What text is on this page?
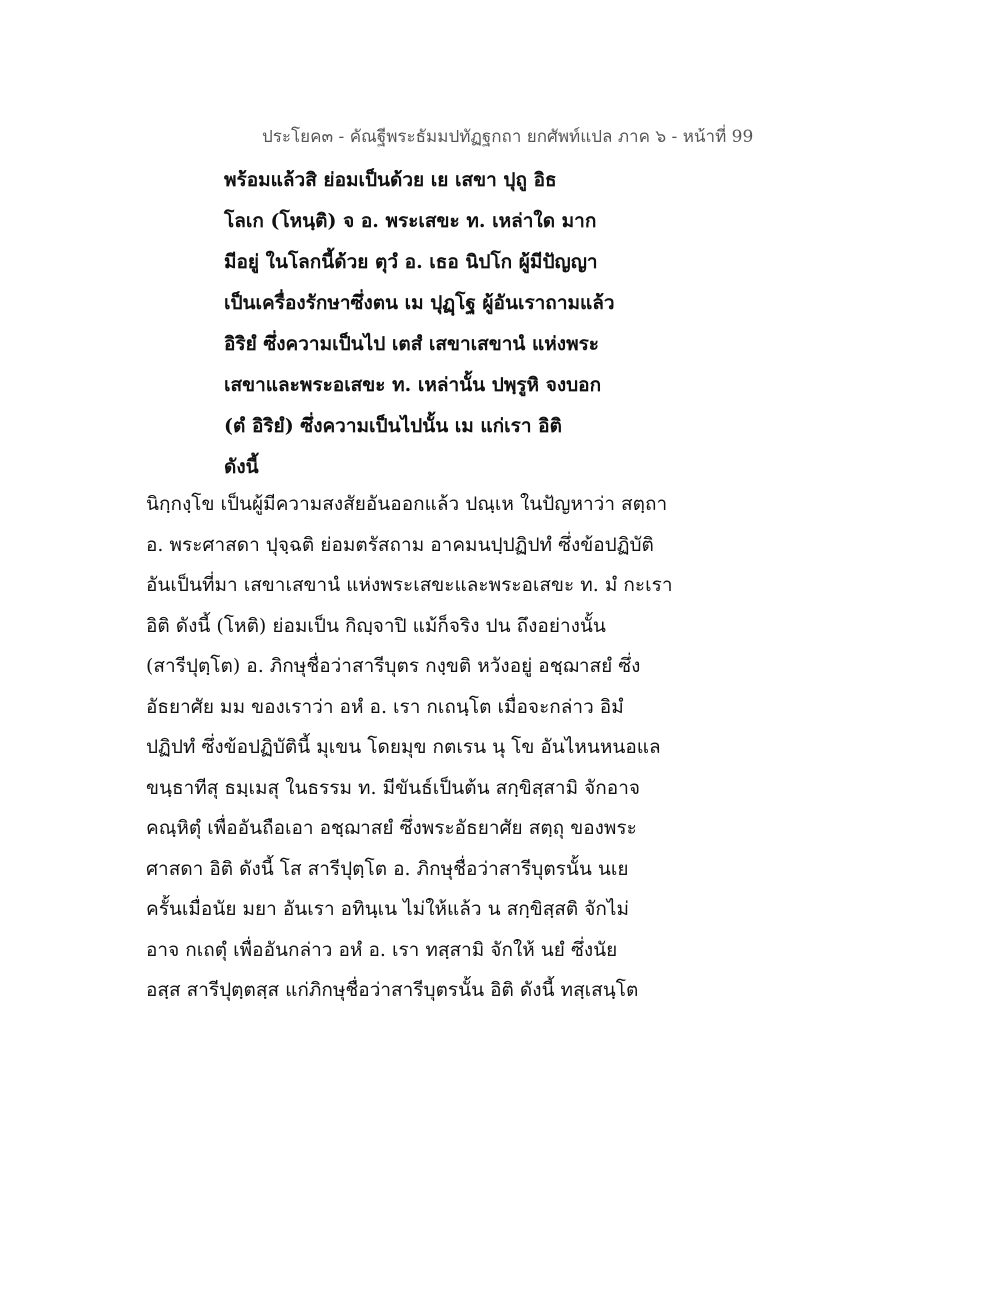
ประโยค๓ - คัณฐีพระธัมมปทัฏฐกถา ยกศัพท์แปล ภาค ๖ - หน้าที่ 99
พร้อมแล้วสิ ย่อมเป็นด้วย เย เสขา ปุถู อิธ
โลเก (โหนฺติ) จ อ. พระเสขะ ท. เหล่าใด มาก
มีอยู่ ในโลกนี้ด้วย ตุวํ อ. เธอ นิปโก ผู้มีปัญญา
เป็นเครื่องรักษาซึ่งตน เม ปุฏฺโฐ ผู้อันเราถามแล้ว
อิริยํ ซึ่งความเป็นไป เตสํ เสขาเสขานํ แห่งพระ
เสขาและพระอเสขะ ท. เหล่านั้น ปพฺรูหิ จงบอก
(ตํ อิริยํ) ซึ่งความเป็นไปนั้น เม แก่เรา อิติ
ดังนี้
นิกฺกงฺโข เป็นผู้มีความสงสัยอันออกแล้ว ปณฺเห ในปัญหาว่า สตฺถา
อ. พระศาสดา ปุจฺฉติ ย่อมตรัสถาม อาคมนปฺปฏิปทํ ซึ่งข้อปฏิบัติ
อันเป็นที่มา เสขาเสขานํ แห่งพระเสขะและพระอเสขะ ท. มํ กะเรา
อิติ ดังนี้ (โหติ) ย่อมเป็น กิญฺจาปิ แม้ก็จริง ปน ถึงอย่างนั้น
(สารีปุตฺโต) อ. ภิกษุชื่อว่าสารีบุตร กงฺขติ หวังอยู่ อชฺฌาสยํ ซึ่ง
อัธยาศัย มม ของเราว่า อหํ อ. เรา กเถนฺโต เมื่อจะกล่าว อิมํ
ปฏิปทํ ซึ่งข้อปฏิบัตินี้ มุเขน โดยมุข กตเรน นุ โข อันไหนหนอแล
ขนฺธาทีสุ ธมฺเมสุ ในธรรม ท. มีขันธ์เป็นต้น สกฺขิสฺสามิ จักอาจ
คณฺหิตุํ เพื่ออันถือเอา อชฺฌาสยํ ซึ่งพระอัธยาศัย สตฺถุ ของพระ
ศาสดา อิติ ดังนี้ โส สารีปุตฺโต อ. ภิกษุชื่อว่าสารีบุตรนั้น นเย
ครั้นเมื่อนัย มยา อันเรา อทินฺเน ไม่ให้แล้ว น สกฺขิสฺสติ จักไม่
อาจ กเถตุํ เพื่ออันกล่าว อหํ อ. เรา ทสฺสามิ จักให้ นยํ ซึ่งนัย
อสฺส สารีปุตฺตสฺส แก่ภิกษุชื่อว่าสารีบุตรนั้น อิติ ดังนี้ ทสฺเสนฺโต
